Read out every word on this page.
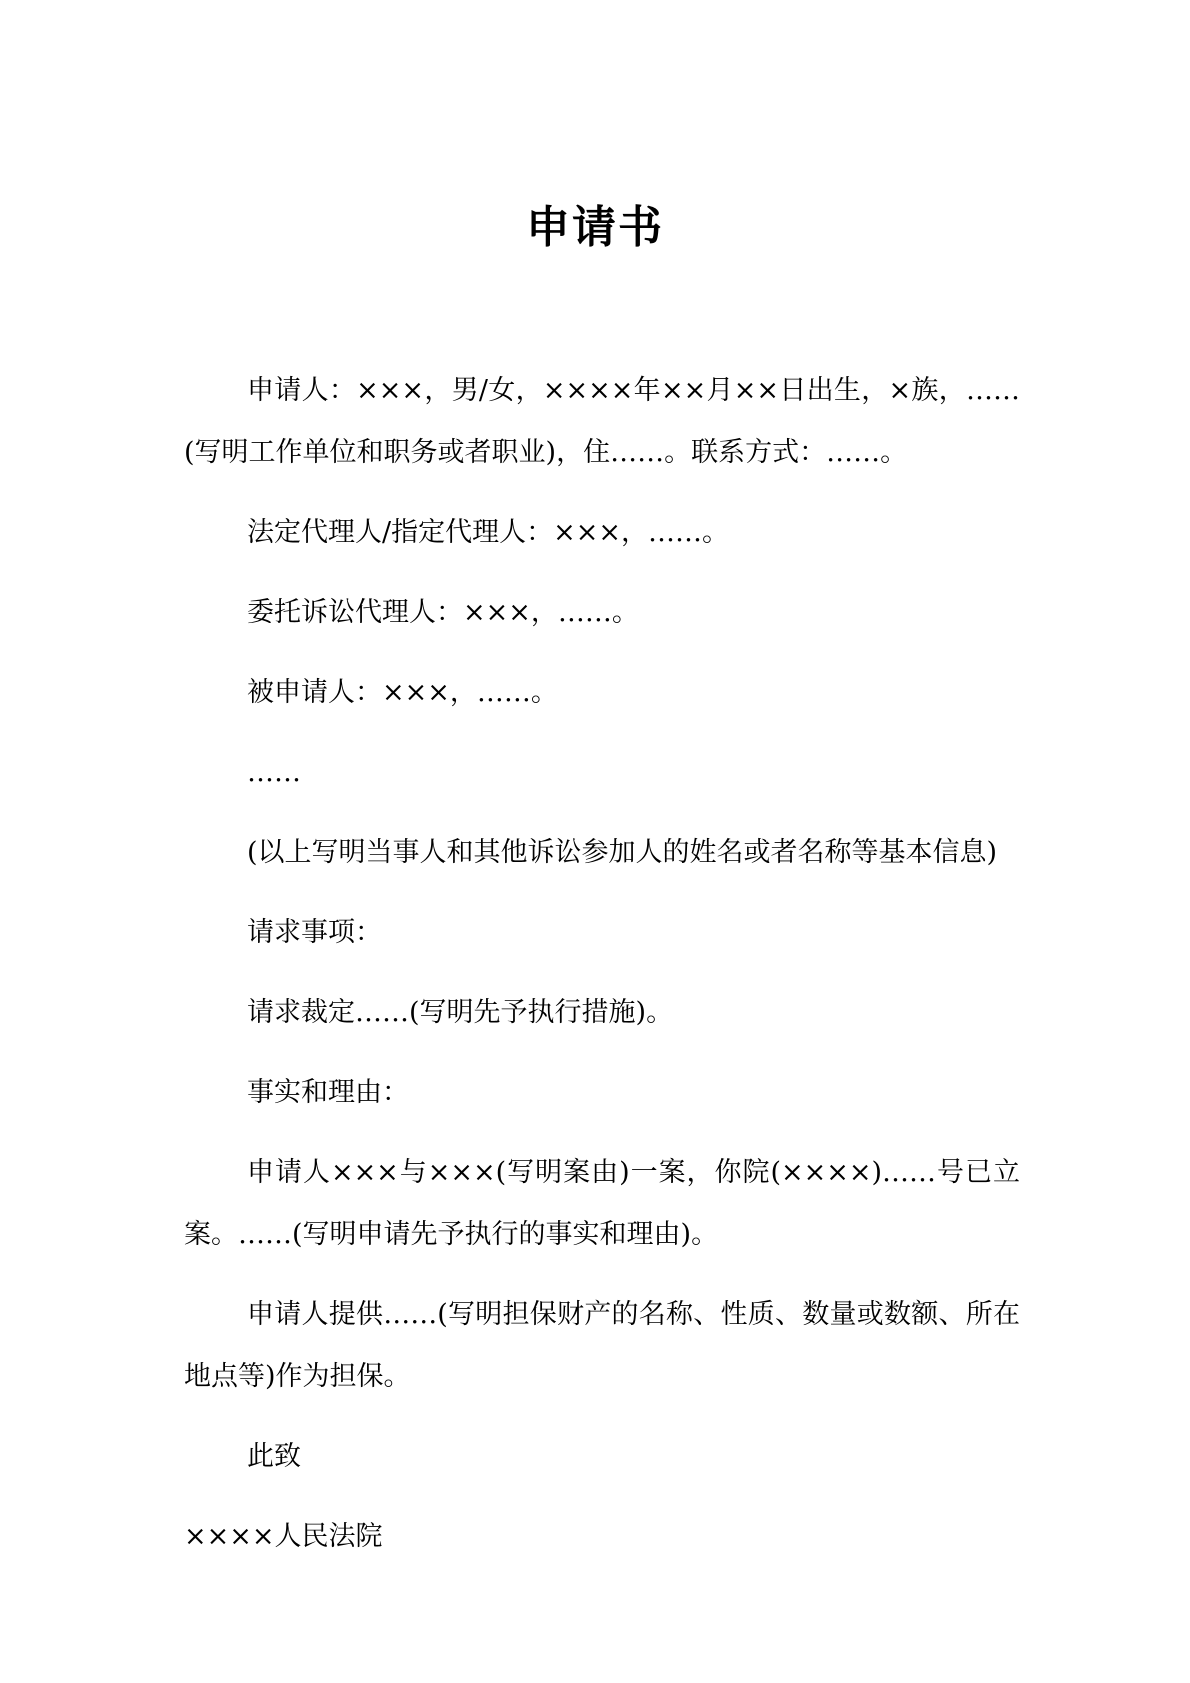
申请书

申请人：×××，男/女，××××年××月××日出生，×族，……(写明工作单位和职务或者职业)，住……。联系方式：……。

法定代理人/指定代理人：×××，……。

委托诉讼代理人：×××，……。

被申请人：×××，……。

……

(以上写明当事人和其他诉讼参加人的姓名或者名称等基本信息)

请求事项：

请求裁定……(写明先予执行措施)。

事实和理由：

申请人×××与×××(写明案由)一案，你院(××××)……号已立案。……(写明申请先予执行的事实和理由)。

申请人提供……(写明担保财产的名称、性质、数量或数额、所在地点等)作为担保。

此致

××××人民法院
